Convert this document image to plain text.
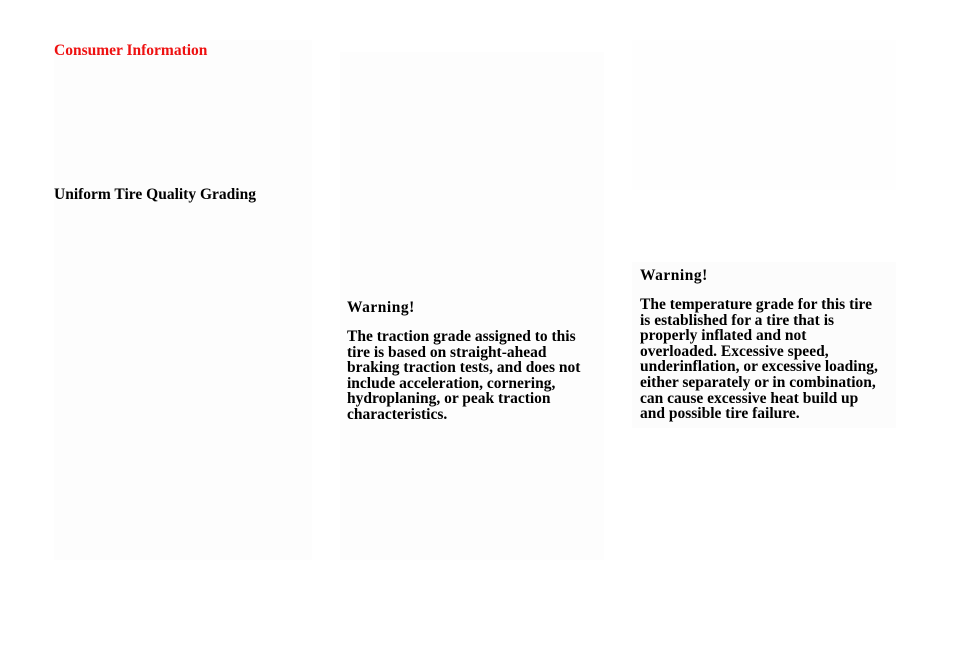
Consumer Information
Uniform Tire Quality Grading

Warning!

The traction grade assigned to this
tire is based on straight-ahead
braking traction tests, and does not
include acceleration, cornering,
hydroplaning, or peak traction
characteristics.

Warning!

The temperature grade for this tire
is established for a tire that is
properly inflated and not
overloaded. Excessive speed,
underinflation, or excessive loading,
either separately or in combination,
can cause excessive heat build up
and possible tire failure.
